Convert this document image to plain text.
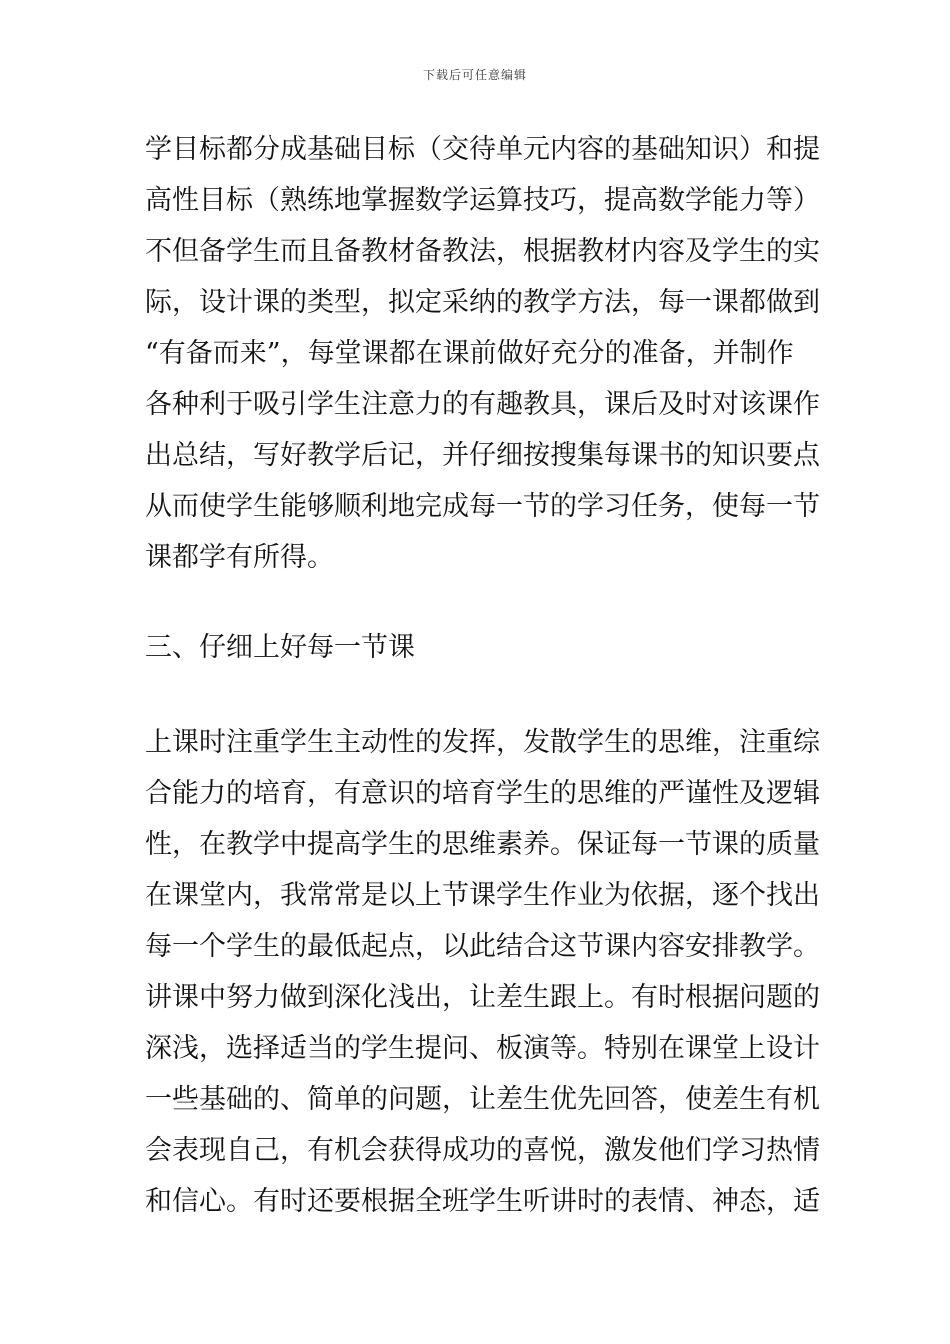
下载后可任意编辑
学目标都分成基础目标（交待单元内容的基础知识）和提
高性目标（熟练地掌握数学运算技巧，提高数学能力等）
不但备学生而且备教材备教法，根据教材内容及学生的实
际，设计课的类型，拟定采纳的教学方法，每一课都做到
“有备而来”，每堂课都在课前做好充分的准备，并制作
各种利于吸引学生注意力的有趣教具，课后及时对该课作
出总结，写好教学后记，并仔细按搜集每课书的知识要点
从而使学生能够顺利地完成每一节的学习任务，使每一节
课都学有所得。
三、仔细上好每一节课
上课时注重学生主动性的发挥，发散学生的思维，注重综
合能力的培育，有意识的培育学生的思维的严谨性及逻辑
性，在教学中提高学生的思维素养。保证每一节课的质量
在课堂内，我常常是以上节课学生作业为依据，逐个找出
每一个学生的最低起点，以此结合这节课内容安排教学。
讲课中努力做到深化浅出，让差生跟上。有时根据问题的
深浅，选择适当的学生提问、板演等。特别在课堂上设计
一些基础的、简单的问题，让差生优先回答，使差生有机
会表现自己，有机会获得成功的喜悦，激发他们学习热情
和信心。有时还要根据全班学生听讲时的表情、神态，适
